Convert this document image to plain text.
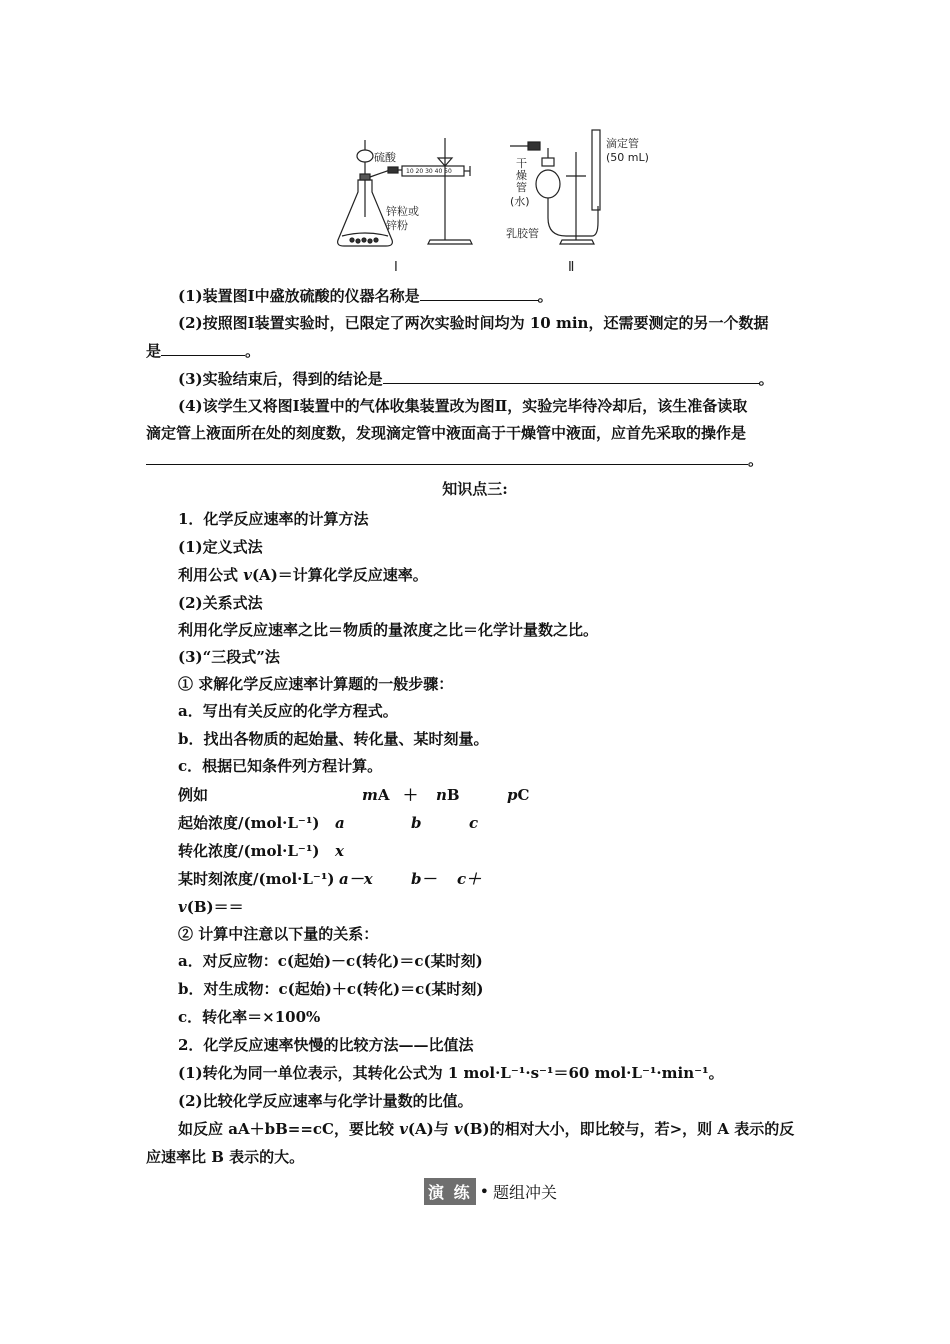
硫酸
锌粒或
锌粉
10 20 30 40 50
滴定管
(50 mL)
干
燥
管
(水)
乳胶管
Ⅰ	Ⅱ
(1)装置图Ⅰ中盛放硫酸的仪器名称是	。
(2)按照图Ⅰ装置实验时，已限定了两次实验时间均为 10 min，还需要测定的另一个数据
是	。
(3)实验结束后，得到的结论是	。
(4)该学生又将图Ⅰ装置中的气体收集装置改为图Ⅱ，实验完毕待冷却后，该生准备读取
滴定管上液面所在处的刻度数，发现滴定管中液面高于干燥管中液面，应首先采取的操作是
。
知识点三:
1．化学反应速率的计算方法
(1)定义式法
利用公式 v(A)＝计算化学反应速率。
(2)关系式法
利用化学反应速率之比＝物质的量浓度之比＝化学计量数之比。
(3)“三段式”法
① 求解化学反应速率计算题的一般步骤：
a．写出有关反应的化学方程式。
b．找出各物质的起始量、转化量、某时刻量。
c．根据已知条件列方程计算。
例如	mA ＋ nB	pC
起始浓度/(mol·L⁻¹) a	b	c
转化浓度/(mol·L⁻¹) x
某时刻浓度/(mol·L⁻¹) a－x	b－ c＋
v(B)＝＝
② 计算中注意以下量的关系：
a．对反应物：c(起始)－c(转化)＝c(某时刻)
b．对生成物：c(起始)＋c(转化)＝c(某时刻)
c．转化率＝×100%
2．化学反应速率快慢的比较方法——比值法
(1)转化为同一单位表示，其转化公式为 1 mol·L⁻¹·s⁻¹＝60 mol·L⁻¹·min⁻¹。
(2)比较化学反应速率与化学计量数的比值。
如反应 aA＋bB==cC，要比较 v(A)与 v(B)的相对大小，即比较与，若>，则 A 表示的反
应速率比 B 表示的大。
演 练 • 题组冲关
